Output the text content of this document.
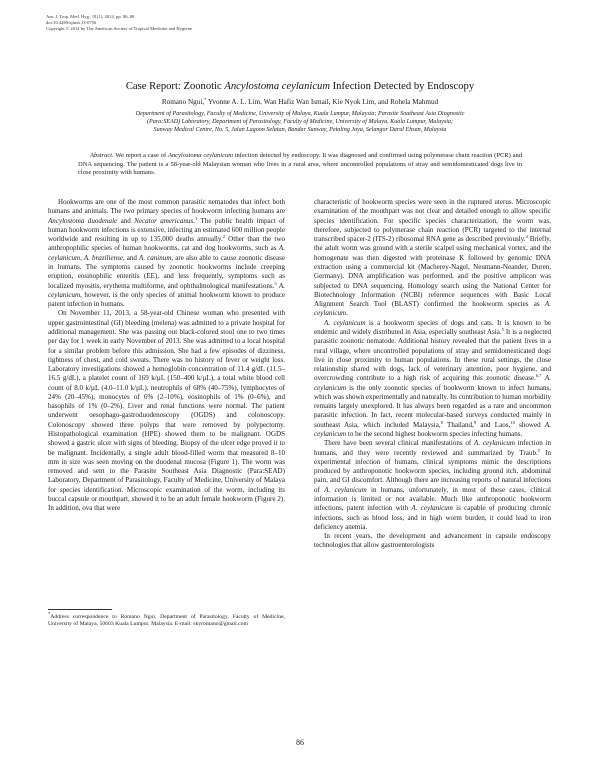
Am. J. Trop. Med. Hyg., 91(1), 2014, pp. 86–88
doi:10.4269/ajtmh.13-0756
Copyright © 2014 by The American Society of Tropical Medicine and Hygiene
Case Report: Zoonotic Ancylostoma ceylanicum Infection Detected by Endoscopy
Romano Ngui,* Yvonne A. L. Lim, Wan Hafiz Wan Ismail, Kie Nyok Lim, and Rohela Mahmud
Department of Parasitology, Faculty of Medicine, University of Malaya, Kuala Lumpur, Malaysia; Parasite Southeast Asia Diagnostic
(Para:SEAD) Laboratory, Department of Parasitology, Faculty of Medicine, University of Malaya, Kuala Lumpur, Malaysia;
Sunway Medical Centre, No. 5, Jalan Lagoon Selatan, Bandar Sunway, Petaling Jaya, Selangor Darul Ehsan, Malaysia
Abstract. We report a case of Ancylostoma ceylanicum infection detected by endoscopy. It was diagnosed and confirmed using polymerase chain reaction (PCR) and DNA sequencing. The patient is a 58-year-old Malaysian woman who lives in a rural area, where uncontrolled populations of stray and semidomesticated dogs live in close proximity with humans.

Hookworms are one of the most common parasitic nematodes that infect both humans and animals. The two primary species of hookworm infecting humans are Ancylostoma duodenale and Necator americanus.$^1$ The public health impact of human hookworm infections is extensive, infecting an estimated 600 million people worldwide and resulting in up to 135,000 deaths annually.$^2$ Other than the two anthropophilic species of human hookworms, cat and dog hookworms, such as A. ceylanicum, A. braziliense, and A. caninum, are also able to cause zoonotic disease in humans. The symptoms caused by zoonotic hookworms include creeping eruption, eosinophilic enteritis (EE), and less frequently, symptoms such as localized myositis, erythema multiforme, and ophthalmological manifestations.$^3$ A. ceylanicum, however, is the only species of animal hookworm known to produce patent infection in humans.

On November 11, 2013, a 58-year-old Chinese woman who presented with upper gastrointestinal (GI) bleeding (melena) was admitted to a private hospital for additional management. She was passing out black-colored stool one to two times per day for 1 week in early November of 2013. She was admitted to a local hospital for a similar problem before this admission. She had a few episodes of dizziness, tightness of chest, and cold sweats. There was no history of fever or weight loss. Laboratory investigations showed a hemoglobin concentration of 11.4 g/dL (11.5–16.5 g/dL), a platelet count of 169 k/µL (150–400 k/µL), a total white blood cell count of 8.0 k/µL (4.0–11.0 k/µL), neutrophils of 68% (40–75%), lymphocytes of 24% (20–45%), monocytes of 6% (2–10%), eosinophils of 1% (0–6%), and basophils of 1% (0–2%). Liver and renal functions were normal. The patient underwent oesophago-gastroduodenoscopy (OGDS) and colonoscopy. Colonoscopy showed three polyps that were removed by polypectomy. Histopathological examination (HPE) showed them to be malignant. OGDS showed a gastric ulcer with signs of bleeding. Biopsy of the ulcer edge proved it to be malignant. Incidentally, a single adult blood-filled worm that measured 8–10 mm in size was seen moving on the duodenal mucosa (Figure 1). The worm was removed and sent to the Parasite Southeast Asia Diagnostic (Para:SEAD) Laboratory, Department of Parasitology, Faculty of Medicine, University of Malaya for species identification. Microscopic examination of the worm, including its buccal capsule or mouthpart, showed it to be an adult female hookworm (Figure 2). In addition, ova that were

*Address correspondence to Romano Ngui, Department of Parasitology, Faculty of Medicine, University of Malaya, 50603 Kuala Lumpur, Malaysia. E-mail: skyromano@gmail.com

characteristic of hookworm species were seen in the ruptured uterus. Microscopic examination of the mouthpart was not clear and detailed enough to allow specific species identification. For specific species characterization, the worm was, therefore, subjected to polymerase chain reaction (PCR) targeted to the internal transcribed spacer-2 (ITS-2) ribosomal RNA gene as described previously.$^4$ Briefly, the adult worm was ground with a sterile scalpel using mechanical vortex, and the homogenate was then digested with proteinase K followed by genomic DNA extraction using a commercial kit (Macherey-Nagel, Neumann-Neander, Duren, Germany). DNA amplification was performed, and the positive amplicon was subjected to DNA sequencing. Homology search using the National Center for Biotechnology Information (NCBI) reference sequences with Basic Local Alignment Search Tool (BLAST) confirmed the hookworm species as A. ceylanicum.

A. ceylanicum is a hookworm species of dogs and cats. It is known to be endemic and widely distributed in Asia, especially southeast Asia.$^5$ It is a neglected parasitic zoonotic nematode. Additional history revealed that the patient lives in a rural village, where uncontrolled populations of stray and semidomesticated dogs live in close proximity to human populations. In these rural settings, the close relationship shared with dogs, lack of veterinary attention, poor hygiene, and overcrowding contribute to a high risk of acquiring this zoonotic disease.$^{6,7}$ A. ceylanicum is the only zoonotic species of hookworm known to infect humans, which was shown experimentally and naturally. Its contribution to human morbidity remains largely unexplored. It has always been regarded as a rare and uncommon parasitic infection. In fact, recent molecular-based surveys conducted mainly in southeast Asia, which included Malaysia,$^8$ Thailand,$^9$ and Laos,$^{10}$ showed A. ceylanicum to be the second highest hookworm species infecting humans.

There have been several clinical manifestations of A. ceylanicum infection in humans, and they were recently reviewed and summarized by Traub.$^5$ In experimental infection of humans, clinical symptoms mimic the descriptions produced by anthroponotic hookworm species, including ground itch, abdominal pain, and GI discomfort. Although there are increasing reports of natural infections of A. ceylanicum in humans, unfortunately, in most of these cases, clinical information is limited or not available. Much like anthroponotic hookworm infections, patent infection with A. ceylanicum is capable of producing chronic infections, such as blood loss, and in high worm burden, it could lead to iron deficiency anemia.

In recent years, the development and advancement in capsule endoscopy technologies that allow gastroenterologists

86
